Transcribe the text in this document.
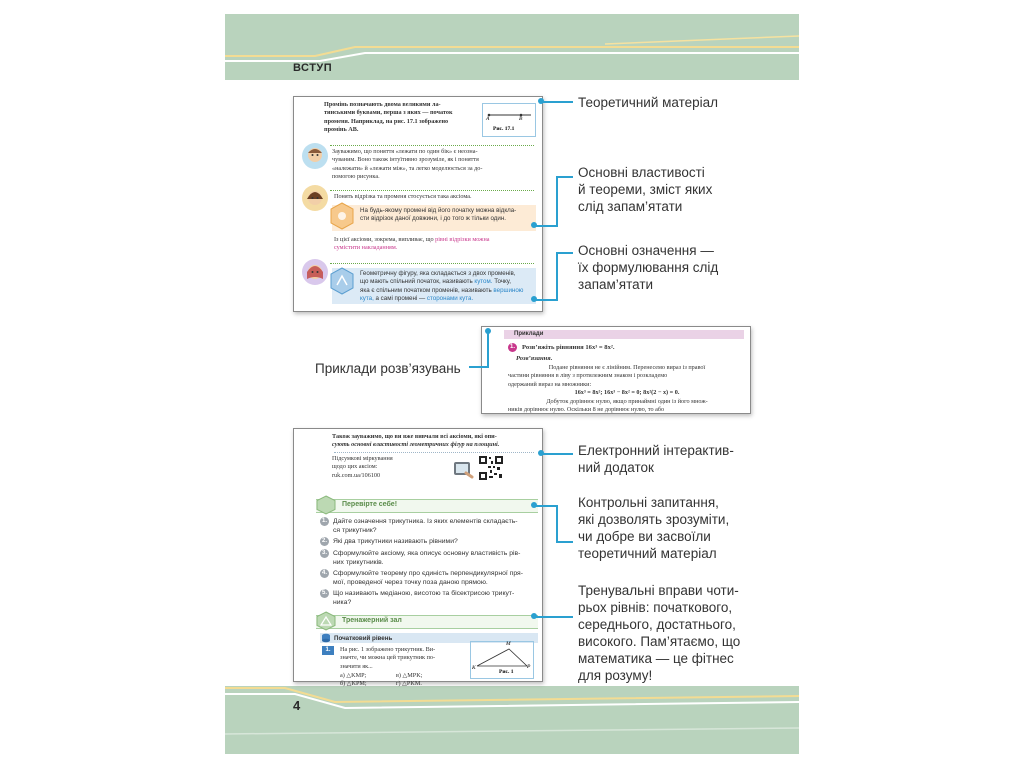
ВСТУП
4
Промінь позначають двома великими ла-
тинськими буквами, перша з яких — початок
променя. Наприклад, на рис. 17.1 зображено
промінь AB.
A	B
Рис. 17.1
Зауважимо, що поняття «лежати по один бік» є неозна-
чуваним. Воно також інтуїтивно зрозуміле, як і поняття
«належати» й «лежати між», та легко моделюється за до-
помогою рисунка.
Понять відрізка та променя стосується така аксіома.
На будь-якому промені від його початку можна відкла-
сти відрізок даної довжини, і до того ж тільки один.
Із цієї аксіоми, зокрема, випливає, що рівні відрізки можна
сумістити накладанням.
Геометричну фігуру, яка складається з двох променів,
що мають спільний початок, називають кутом. Точку,
яка є спільним початком променів, називають вершиною
кута, а самі промені — сторонами кута.
Приклади
1.	Розв’яжіть рівняння 16x³ = 8x².
Розв’язання.
Подане рівняння не є лінійним. Перенесемо вираз із правої
частини рівняння в ліву з протилежним знаком і розкладемо
одержаний вираз на множники:
16x³ = 8x²; 16x³ − 8x² = 0; 8x²(2 − x) = 0.
Добуток дорівнює нулю, якщо принаймні один із його множ-
ників дорівнює нулю. Оскільки 8 не дорівнює нулю, то або
Також зауважимо, що ви вже вивчали всі аксіоми, які опи-
сують основні властивості геометричних фігур на площині.
Підсумкові міркування
щодо цих аксіом:
ruk.com.ua/106100
Перевірте себе!
1. Дайте означення трикутника. Із яких елементів складаєть-
ся трикутник?
2. Які два трикутники називають рівними?
3. Сформулюйте аксіому, яка описує основну властивість рів-
них трикутників.
4. Сформулюйте теорему про єдиність перпендикулярної пря-
мої, проведеної через точку поза даною прямою.
5. Що називають медіаною, висотою та бісектрисою трикут-
ника?
Тренажерний зал
Початковий рівень
1.	На рис. 1 зображено трикутник. Ви-
значте, чи можна цей трикутник по-
значити як...
а) △KMP;	в) △MPK;
б) △KPM;	г) △PKM.
M
K	P
Рис. 1
Теоретичний матеріал
Основні властивості
й теореми, зміст яких
слід запам’ятати
Основні означення —
їх формулювання слід
запам’ятати
Приклади розв’язувань
Електронний інтерактив-
ний додаток
Контрольні запитання,
які дозволять зрозуміти,
чи добре ви засвоїли
теоретичний матеріал
Тренувальні вправи чоти-
рьох рівнів: початкового,
середнього, достатнього,
високого. Пам’ятаємо, що
математика — це фітнес
для розуму!
